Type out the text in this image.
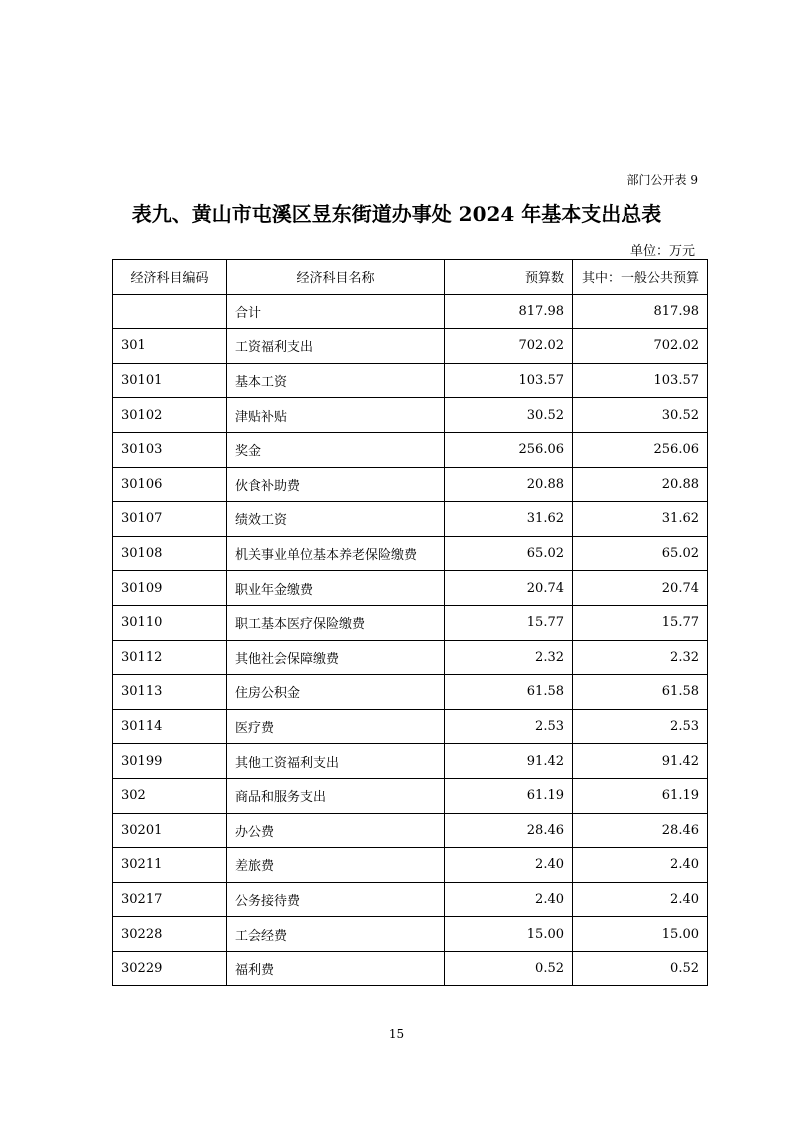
部门公开表 9
表九、黄山市屯溪区昱东街道办事处 2024 年基本支出总表
单位：万元
经济科目编码	经济科目名称	预算数	其中：一般公共预算
	合计	817.98	817.98
301	工资福利支出	702.02	702.02
30101	基本工资	103.57	103.57
30102	津贴补贴	30.52	30.52
30103	奖金	256.06	256.06
30106	伙食补助费	20.88	20.88
30107	绩效工资	31.62	31.62
30108	机关事业单位基本养老保险缴费	65.02	65.02
30109	职业年金缴费	20.74	20.74
30110	职工基本医疗保险缴费	15.77	15.77
30112	其他社会保障缴费	2.32	2.32
30113	住房公积金	61.58	61.58
30114	医疗费	2.53	2.53
30199	其他工资福利支出	91.42	91.42
302	商品和服务支出	61.19	61.19
30201	办公费	28.46	28.46
30211	差旅费	2.40	2.40
30217	公务接待费	2.40	2.40
30228	工会经费	15.00	15.00
30229	福利费	0.52	0.52
15
